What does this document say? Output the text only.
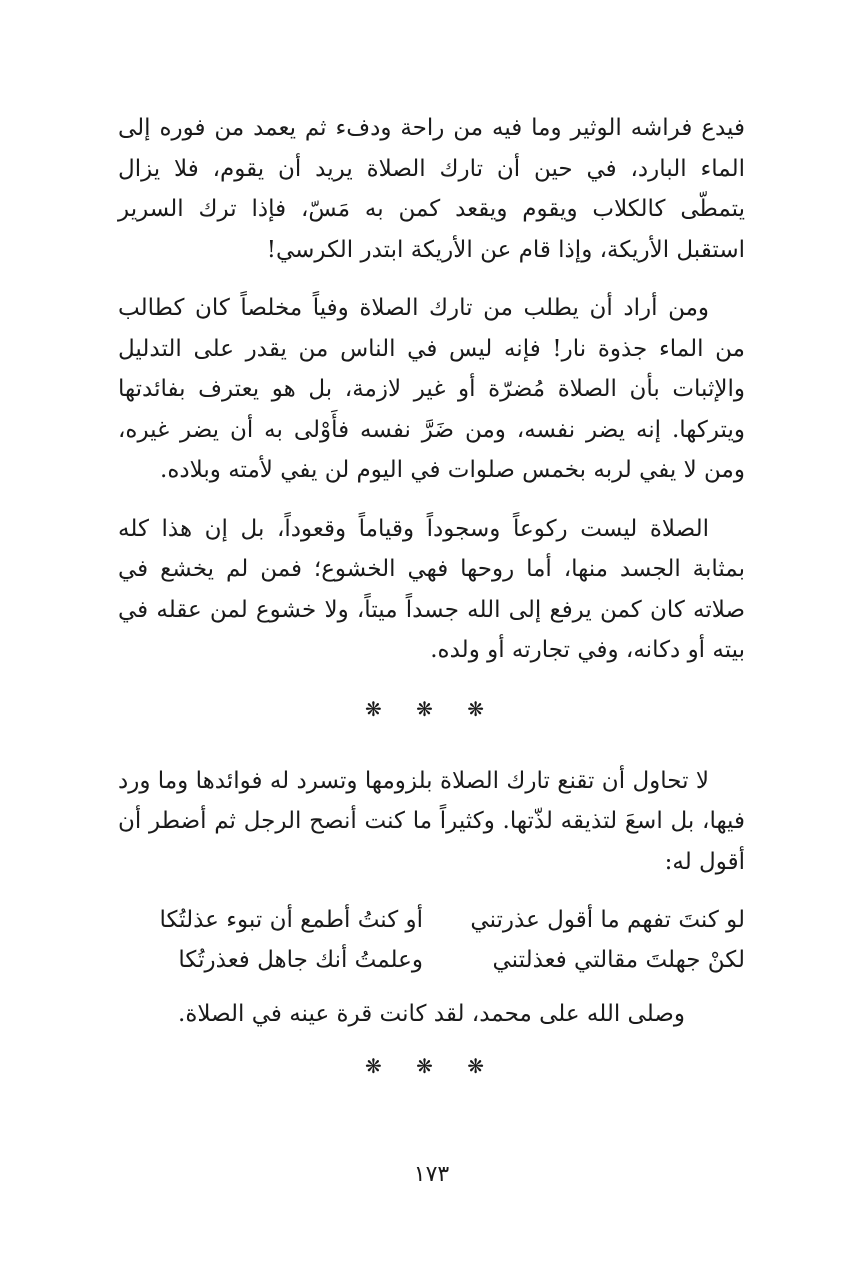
فيدع فراشه الوثير وما فيه من راحة ودفء ثم يعمد من فوره إلى الماء البارد، في حين أن تارك الصلاة يريد أن يقوم، فلا يزال يتمطّى كالكلاب ويقوم ويقعد كمن به مَسّ، فإذا ترك السرير استقبل الأريكة، وإذا قام عن الأريكة ابتدر الكرسي!

ومن أراد أن يطلب من تارك الصلاة وفياً مخلصاً كان كطالب من الماء جذوة نار! فإنه ليس في الناس من يقدر على التدليل والإثبات بأن الصلاة مُضرّة أو غير لازمة، بل هو يعترف بفائدتها ويتركها. إنه يضر نفسه، ومن ضَرَّ نفسه فأَوْلى به أن يضر غيره، ومن لا يفي لربه بخمس صلوات في اليوم لن يفي لأمته وبلاده.

الصلاة ليست ركوعاً وسجوداً وقياماً وقعوداً، بل إن هذا كله بمثابة الجسد منها، أما روحها فهي الخشوع؛ فمن لم يخشع في صلاته كان كمن يرفع إلى الله جسداً ميتاً، ولا خشوع لمن عقله في بيته أو دكانه، وفي تجارته أو ولده.

❋ ❋ ❋

لا تحاول أن تقنع تارك الصلاة بلزومها وتسرد له فوائدها وما ورد فيها، بل اسعَ لتذيقه لذّتها. وكثيراً ما كنت أنصح الرجل ثم أضطر أن أقول له:

لو كنتَ تفهم ما أقول عذرتني
أو كنتُ أطمع أن تبوء عذلتُكا
لكنْ جهلتَ مقالتي فعذلتني
وعلمتُ أنك جاهل فعذرتُكا

وصلى الله على محمد، لقد كانت قرة عينه في الصلاة.

❋ ❋ ❋
١٧٣
